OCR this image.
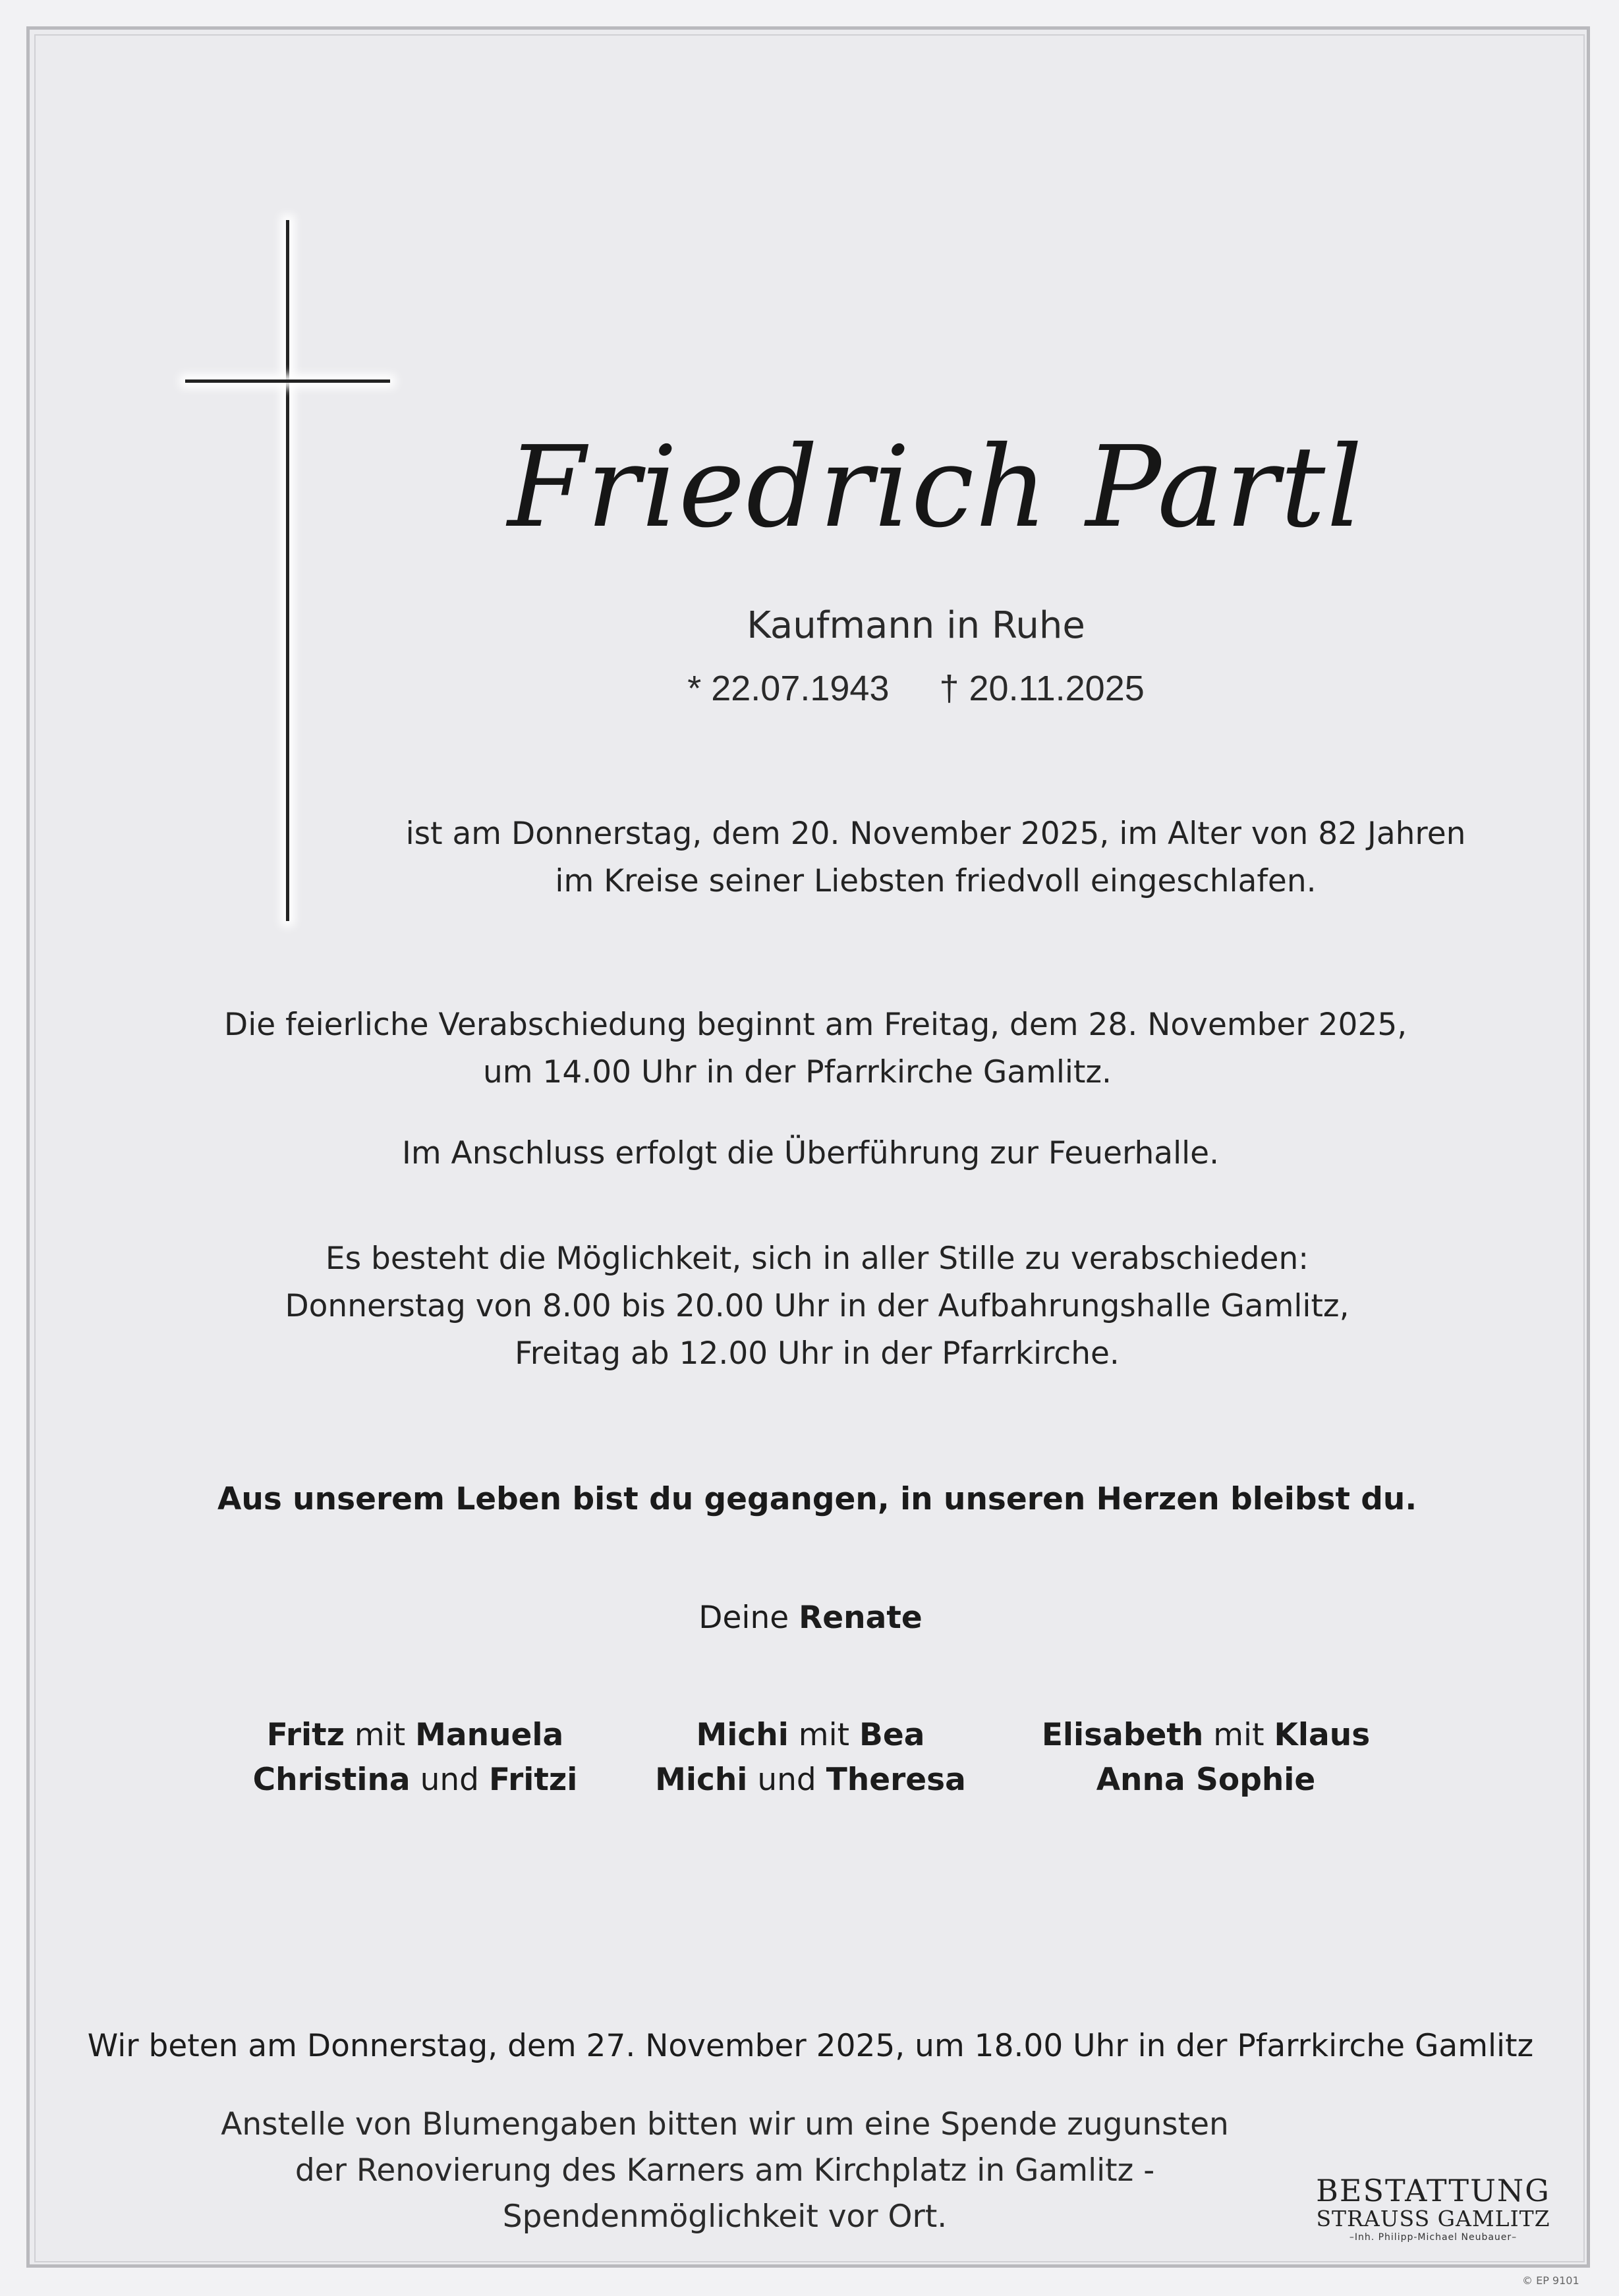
Friedrich Partl
Kaufmann in Ruhe
* 22.07.1943 † 20.11.2025
ist am Donnerstag, dem 20. November 2025, im Alter von 82 Jahren
im Kreise seiner Liebsten friedvoll eingeschlafen.
Die feierliche Verabschiedung beginnt am Freitag, dem 28. November 2025,
um 14.00 Uhr in der Pfarrkirche Gamlitz.
Im Anschluss erfolgt die Überführung zur Feuerhalle.
Es besteht die Möglichkeit, sich in aller Stille zu verabschieden:
Donnerstag von 8.00 bis 20.00 Uhr in der Aufbahrungshalle Gamlitz,
Freitag ab 12.00 Uhr in der Pfarrkirche.
Aus unserem Leben bist du gegangen, in unseren Herzen bleibst du.
Deine Renate
Fritz mit Manuela
Christina und Fritzi
Michi mit Bea
Michi und Theresa
Elisabeth mit Klaus
Anna Sophie
Wir beten am Donnerstag, dem 27. November 2025, um 18.00 Uhr in der Pfarrkirche Gamlitz
Anstelle von Blumengaben bitten wir um eine Spende zugunsten
der Renovierung des Karners am Kirchplatz in Gamlitz -
Spendenmöglichkeit vor Ort.
BESTATTUNG
STRAUSS GAMLITZ
–Inh. Philipp-Michael Neubauer–
© EP 9101
